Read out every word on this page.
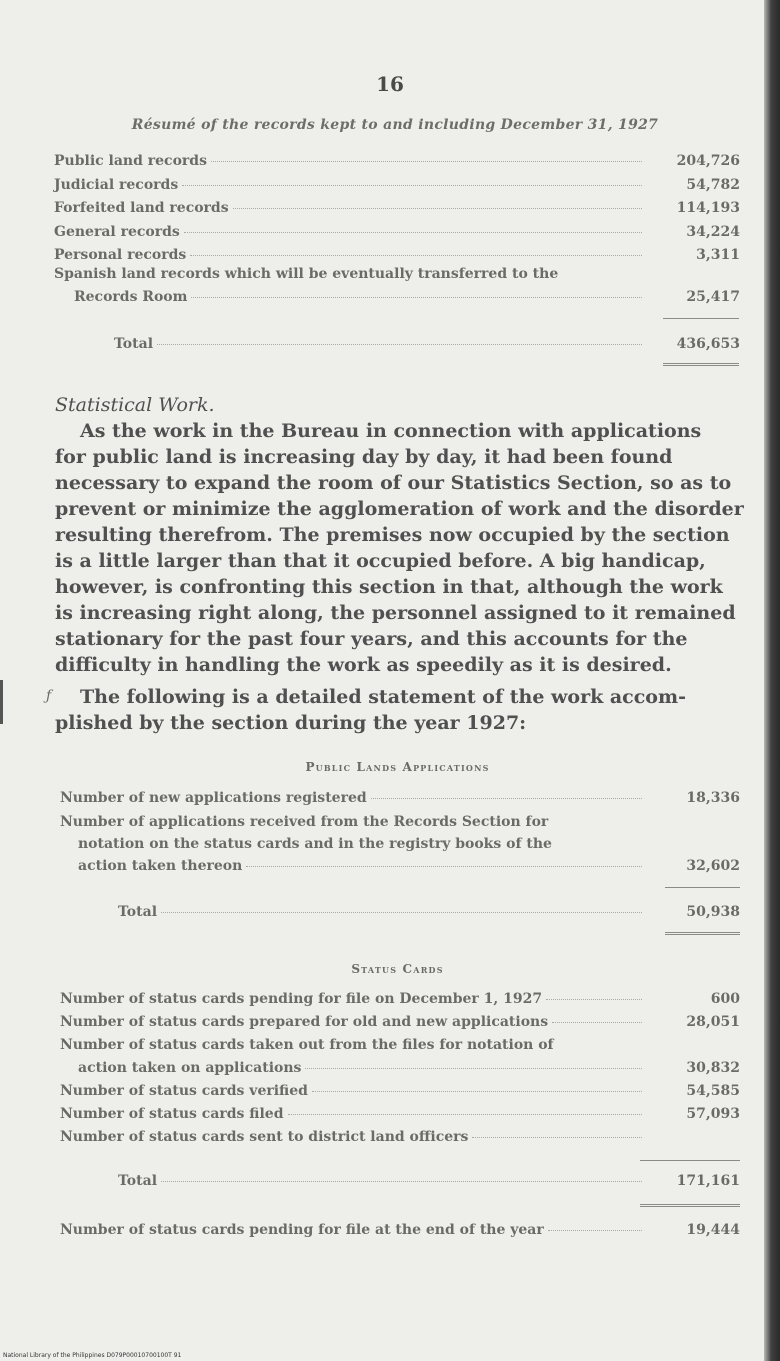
16
Résumé of the records kept to and including December 31, 1927
Public land records	204,726
Judicial records	54,782
Forfeited land records	114,193
General records	34,224
Personal records	3,311
Spanish land records which will be eventually transferred to the
Records Room	25,417
Total	436,653
Statistical Work.
As the work in the Bureau in connection with applications
for public land is increasing day by day, it had been found
necessary to expand the room of our Statistics Section, so as to
prevent or minimize the agglomeration of work and the disorder
resulting therefrom. The premises now occupied by the section
is a little larger than that it occupied before. A big handicap,
however, is confronting this section in that, although the work
is increasing right along, the personnel assigned to it remained
stationary for the past four years, and this accounts for the
difficulty in handling the work as speedily as it is desired.
ƒ The following is a detailed statement of the work accom-
plished by the section during the year 1927:
Public Lands Applications
Number of new applications registered	18,336
Number of applications received from the Records Section for
notation on the status cards and in the registry books of the
action taken thereon	32,602
Total	50,938
Status Cards
Number of status cards pending for file on December 1, 1927	600
Number of status cards prepared for old and new applications	28,051
Number of status cards taken out from the files for notation of
action taken on applications	30,832
Number of status cards verified	54,585
Number of status cards filed	57,093
Number of status cards sent to district land officers
Total	171,161
Number of status cards pending for file at the end of the year	19,444
National Library of the Philippines D079P00010700100T 91
